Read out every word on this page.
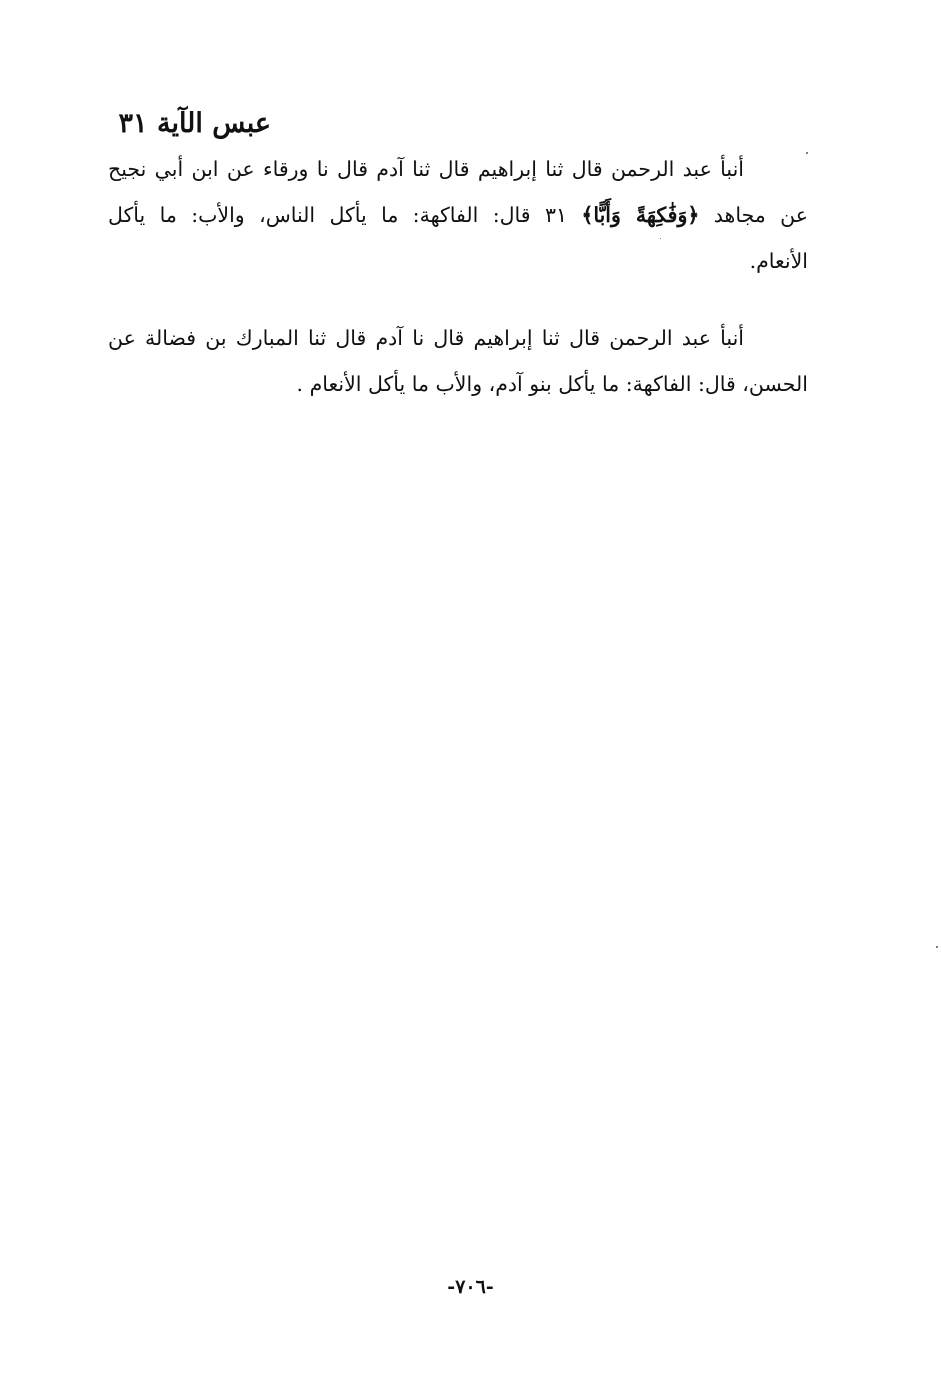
عبس الآية ٣١
أنبأ عبد الرحمن قال ثنا إبراهيم قال ثنا آدم قال نا ورقاء عن ابن أبي نجيح
عن مجاهد ﴿وَفَٰكِهَةً وَأَبًّا﴾ ٣١ قال: الفاكهة: ما يأكل الناس، والأب: ما يأكل
الأنعام.
أنبأ عبد الرحمن قال ثنا إبراهيم قال نا آدم قال ثنا المبارك بن فضالة عن
الحسن، قال: الفاكهة: ما يأكل بنو آدم، والأب ما يأكل الأنعام .
-٧٠٦-
